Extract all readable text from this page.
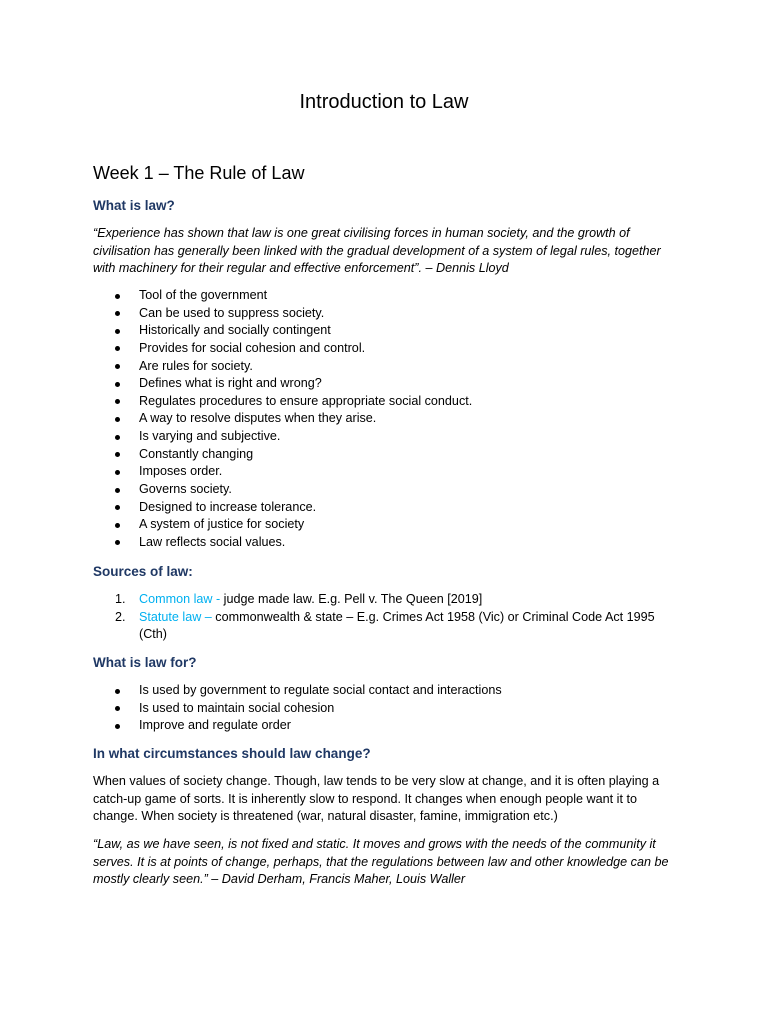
Introduction to Law
Week 1 – The Rule of Law
What is law?
“Experience has shown that law is one great civilising forces in human society, and the growth of civilisation has generally been linked with the gradual development of a system of legal rules, together with machinery for their regular and effective enforcement”. – Dennis Lloyd
Tool of the government
Can be used to suppress society.
Historically and socially contingent
Provides for social cohesion and control.
Are rules for society.
Defines what is right and wrong?
Regulates procedures to ensure appropriate social conduct.
A way to resolve disputes when they arise.
Is varying and subjective.
Constantly changing
Imposes order.
Governs society.
Designed to increase tolerance.
A system of justice for society
Law reflects social values.
Sources of law:
1. Common law - judge made law. E.g. Pell v. The Queen [2019]
2. Statute law – commonwealth & state – E.g. Crimes Act 1958 (Vic) or Criminal Code Act 1995 (Cth)
What is law for?
Is used by government to regulate social contact and interactions
Is used to maintain social cohesion
Improve and regulate order
In what circumstances should law change?
When values of society change. Though, law tends to be very slow at change, and it is often playing a catch-up game of sorts. It is inherently slow to respond. It changes when enough people want it to change. When society is threatened (war, natural disaster, famine, immigration etc.)
“Law, as we have seen, is not fixed and static. It moves and grows with the needs of the community it serves. It is at points of change, perhaps, that the regulations between law and other knowledge can be mostly clearly seen.” – David Derham, Francis Maher, Louis Waller
